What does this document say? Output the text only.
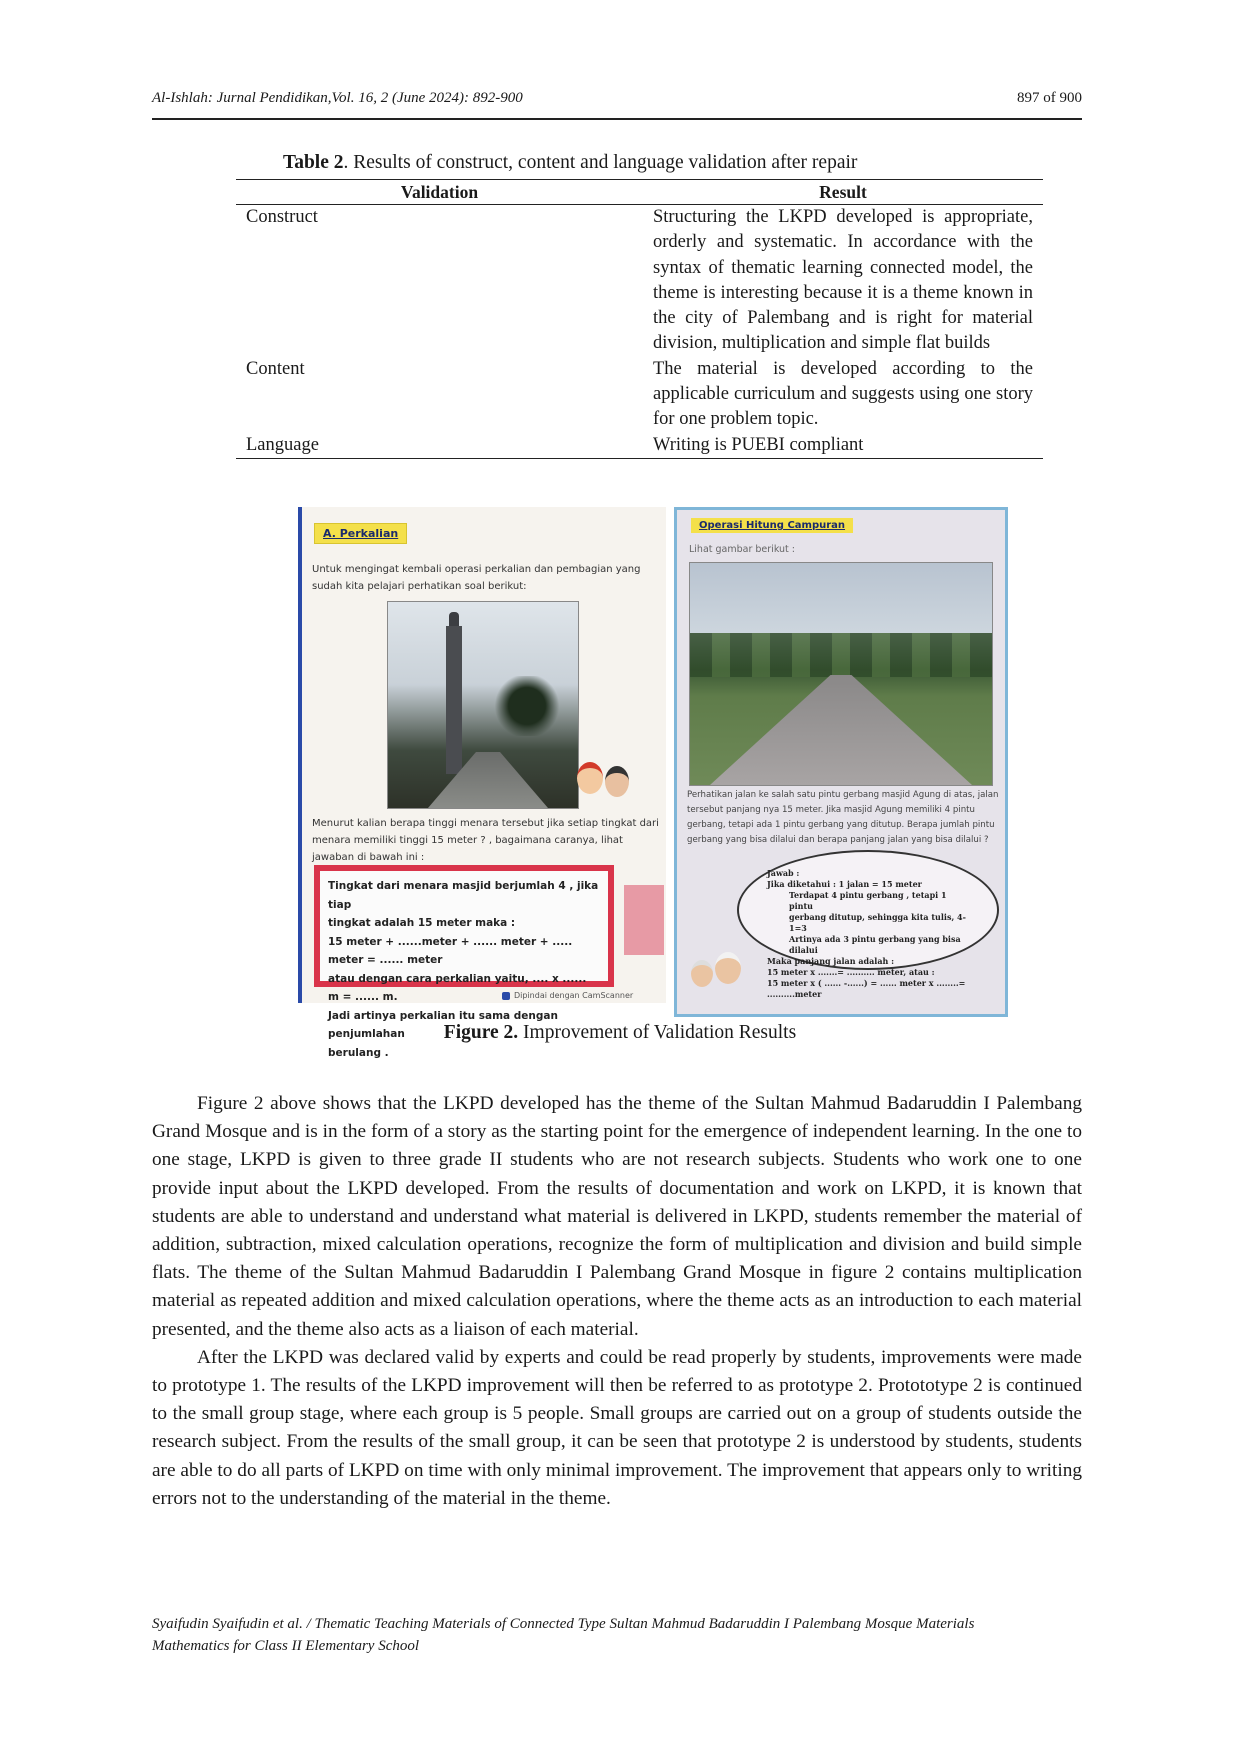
Al-Ishlah: Jurnal Pendidikan,Vol. 16, 2 (June 2024): 892-900	897 of 900
Table 2. Results of construct, content and language validation after repair
Validation	Result
Construct	Structuring the LKPD developed is appropriate, orderly and systematic. In accordance with the syntax of thematic learning connected model, the theme is interesting because it is a theme known in the city of Palembang and is right for material division, multiplication and simple flat builds
Content	The material is developed according to the applicable curriculum and suggests using one story for one problem topic.
Language	Writing is PUEBI compliant
A. Perkalian
Untuk mengingat kembali operasi perkalian dan pembagian yang sudah kita pelajari perhatikan soal berikut:
Menurut kalian berapa tinggi menara tersebut jika setiap tingkat dari menara memiliki tinggi 15 meter ? , bagaimana caranya, lihat jawaban di bawah ini :
Tingkat dari menara masjid berjumlah 4 , jika tiap
tingkat adalah 15 meter maka :
15 meter + ......meter + ...... meter + ..... meter = ...... meter
atau dengan cara perkalian yaitu, .... x ...... m = ...... m.
Jadi artinya perkalian itu sama dengan penjumlahan
berulang .
Dipindai dengan CamScanner
Operasi Hitung Campuran
Lihat gambar berikut :
Perhatikan jalan ke salah satu pintu gerbang masjid Agung di atas, jalan tersebut panjang nya 15 meter. Jika masjid Agung memiliki 4 pintu gerbang, tetapi ada 1 pintu gerbang yang ditutup. Berapa jumlah pintu gerbang yang bisa dilalui dan berapa panjang jalan yang bisa dilalui ?
Jawab :
Jika diketahui : 1 jalan = 15 meter
Terdapat 4 pintu gerbang , tetapi 1 pintu
gerbang ditutup, sehingga kita tulis, 4-1=3
Artinya ada 3 pintu gerbang yang bisa
dilalui
Maka panjang jalan adalah :
15 meter x .......= .......... meter, atau :
15 meter x ( ...... -......) = ...... meter x ........=
..........meter
Figure 2. Improvement of Validation Results

Figure 2 above shows that the LKPD developed has the theme of the Sultan Mahmud Badaruddin I Palembang Grand Mosque and is in the form of a story as the starting point for the emergence of independent learning. In the one to one stage, LKPD is given to three grade II students who are not research subjects. Students who work one to one provide input about the LKPD developed. From the results of documentation and work on LKPD, it is known that students are able to understand and understand what material is delivered in LKPD, students remember the material of addition, subtraction, mixed calculation operations, recognize the form of multiplication and division and build simple flats. The theme of the Sultan Mahmud Badaruddin I Palembang Grand Mosque in figure 2 contains multiplication material as repeated addition and mixed calculation operations, where the theme acts as an introduction to each material presented, and the theme also acts as a liaison of each material.

After the LKPD was declared valid by experts and could be read properly by students, improvements were made to prototype 1. The results of the LKPD improvement will then be referred to as prototype 2. Protototype 2 is continued to the small group stage, where each group is 5 people. Small groups are carried out on a group of students outside the research subject. From the results of the small group, it can be seen that prototype 2 is understood by students, students are able to do all parts of LKPD on time with only minimal improvement. The improvement that appears only to writing errors not to the understanding of the material in the theme.

Syaifudin Syaifudin et al. / Thematic Teaching Materials of Connected Type Sultan Mahmud Badaruddin I Palembang Mosque Materials
Mathematics for Class II Elementary School
